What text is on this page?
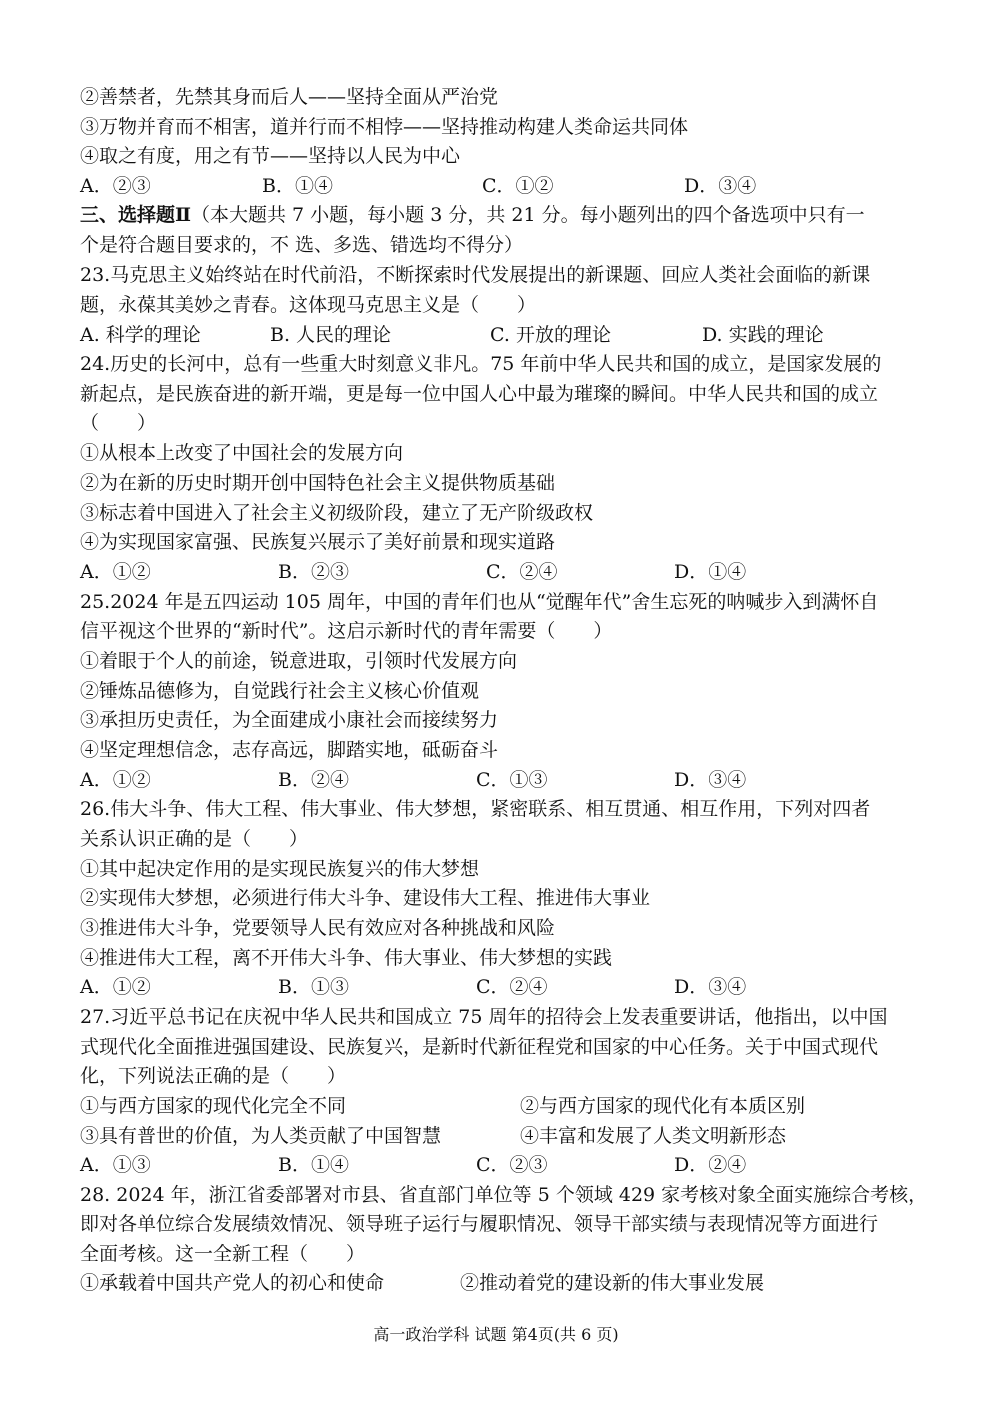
②善禁者，先禁其身而后人——坚持全面从严治党
③万物并育而不相害，道并行而不相悖——坚持推动构建人类命运共同体
④取之有度，用之有节——坚持以人民为中心
A．②③	B．①④	C．①②	D．③④
三、选择题Ⅱ（本大题共 7 小题，每小题 3 分，共 21 分。每小题列出的四个备选项中只有一
个是符合题目要求的，不 选、多选、错选均不得分）
23.马克思主义始终站在时代前沿，不断探索时代发展提出的新课题、回应人类社会面临的新课
题，永葆其美妙之青春。这体现马克思主义是（　　）
A. 科学的理论	B. 人民的理论	C. 开放的理论	D. 实践的理论
24.历史的长河中，总有一些重大时刻意义非凡。75 年前中华人民共和国的成立，是国家发展的
新起点，是民族奋进的新开端，更是每一位中国人心中最为璀璨的瞬间。中华人民共和国的成立
（　　）
①从根本上改变了中国社会的发展方向
②为在新的历史时期开创中国特色社会主义提供物质基础
③标志着中国进入了社会主义初级阶段，建立了无产阶级政权
④为实现国家富强、民族复兴展示了美好前景和现实道路
A．①②	B．②③	C．②④	D．①④
25.2024 年是五四运动 105 周年，中国的青年们也从“觉醒年代”舍生忘死的呐喊步入到满怀自
信平视这个世界的“新时代”。这启示新时代的青年需要（　　）
①着眼于个人的前途，锐意进取，引领时代发展方向
②锤炼品德修为，自觉践行社会主义核心价值观
③承担历史责任，为全面建成小康社会而接续努力
④坚定理想信念，志存高远，脚踏实地，砥砺奋斗
A．①②	B．②④	C．①③	D．③④
26.伟大斗争、伟大工程、伟大事业、伟大梦想，紧密联系、相互贯通、相互作用，下列对四者
关系认识正确的是（　　）
①其中起决定作用的是实现民族复兴的伟大梦想
②实现伟大梦想，必须进行伟大斗争、建设伟大工程、推进伟大事业
③推进伟大斗争，党要领导人民有效应对各种挑战和风险
④推进伟大工程，离不开伟大斗争、伟大事业、伟大梦想的实践
A．①②	B．①③	C．②④	D．③④
27.习近平总书记在庆祝中华人民共和国成立 75 周年的招待会上发表重要讲话，他指出，以中国
式现代化全面推进强国建设、民族复兴，是新时代新征程党和国家的中心任务。关于中国式现代
化，下列说法正确的是（　　）
①与西方国家的现代化完全不同	②与西方国家的现代化有本质区别
③具有普世的价值，为人类贡献了中国智慧	④丰富和发展了人类文明新形态
A．①③	B．①④	C．②③	D．②④
28. 2024 年，浙江省委部署对市县、省直部门单位等 5 个领域 429 家考核对象全面实施综合考核，
即对各单位综合发展绩效情况、领导班子运行与履职情况、领导干部实绩与表现情况等方面进行
全面考核。这一全新工程（　　）
①承载着中国共产党人的初心和使命	②推动着党的建设新的伟大事业发展
高一政治学科 试题 第4页(共 6 页)
